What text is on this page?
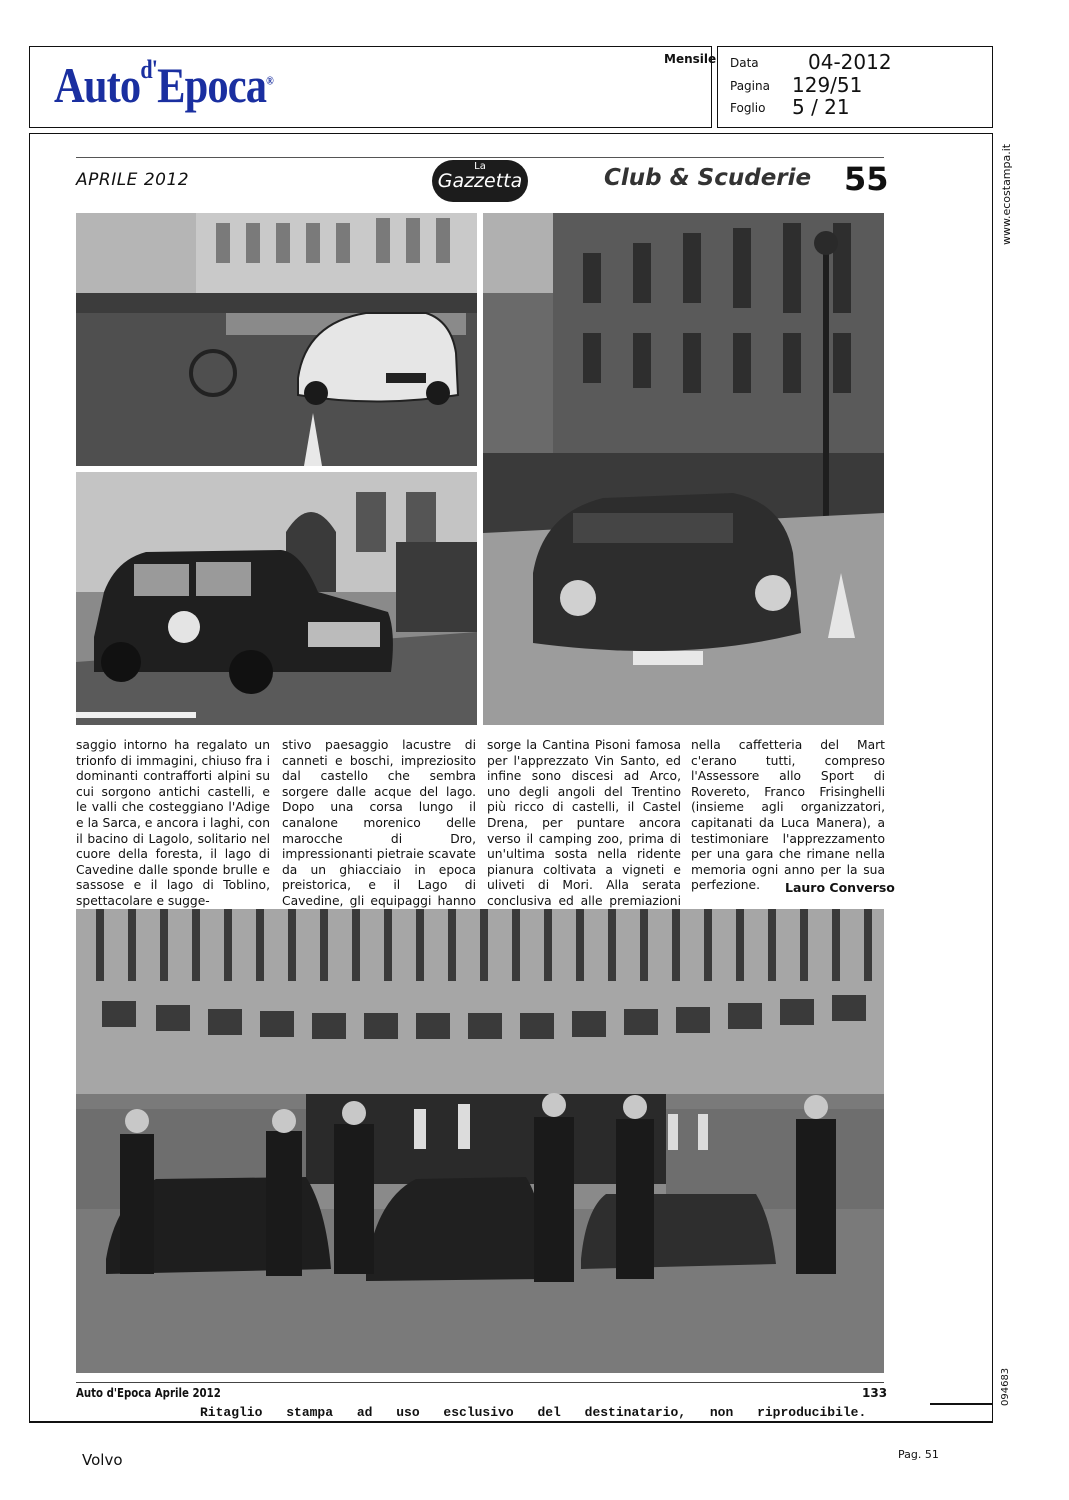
Auto$^{d'}$Epoca®
Mensile Data 04-2012
Pagina 129/51
Foglio 5 / 21
www.ecostampa.it
094683
APRILE 2012
La
Gazzetta	Club & Scuderie 55
saggio intorno ha regalato un trionfo di immagini, chiuso fra i dominanti contrafforti alpini su cui sorgono antichi castelli, e le valli che costeggiano l'Adige e la Sarca, e ancora i laghi, con il bacino di Lagolo, solitario nel cuore della foresta, il lago di Cavedine dalle sponde brulle e sassose e il lago di Toblino, spettacolare e sugge-
stivo paesaggio lacustre di canneti e boschi, impreziosito dal castello che sembra sorgere dalle acque del lago. Dopo una corsa lungo il canalone morenico delle marocche di Dro, impressionanti pietraie scavate da un ghiacciaio in epoca preistorica, e il Lago di Cavedine, gli equipaggi hanno
sorge la Cantina Pisoni famosa per l'apprezzato Vin Santo, ed infine sono discesi ad Arco, uno degli angoli del Trentino più ricco di castelli, il Castel Drena, per puntare ancora verso il camping zoo, prima di un'ultima sosta nella ridente pianura coltivata a vigneti e uliveti di Mori. Alla serata conclusiva ed alle premiazioni
nella caffetteria del Mart c'erano tutti, compreso l'Assessore allo Sport di Rovereto, Franco Frisinghelli (insieme agli organizzatori, capitanati da Luca Manera), a testimoniare l'apprezzamento per una gara che rimane nella memoria ogni anno per la sua perfezione.	Lauro Converso
Auto d'Epoca Aprile 2012	133
Ritaglio stampa ad uso esclusivo del destinatario, non riproducibile.
Volvo	Pag. 51
